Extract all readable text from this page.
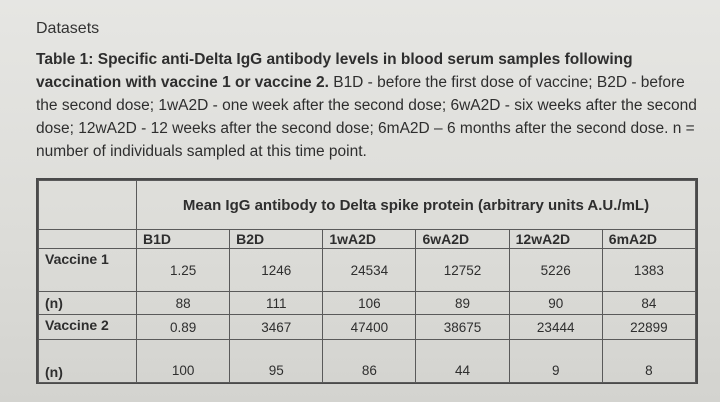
Datasets
Table 1: Specific anti-Delta IgG antibody levels in blood serum samples following vaccination with vaccine 1 or vaccine 2. B1D - before the first dose of vaccine; B2D - before the second dose; 1wA2D - one week after the second dose; 6wA2D - six weeks after the second dose; 12wA2D - 12 weeks after the second dose; 6mA2D – 6 months after the second dose. n = number of individuals sampled at this time point.
	Mean IgG antibody to Delta spike protein (arbitrary units A.U./mL)					
	B1D	B2D	1wA2D	6wA2D	12wA2D	6mA2D
Vaccine 1	1.25	1246	24534	12752	5226	1383
(n)	88	111	106	89	90	84
Vaccine 2	0.89	3467	47400	38675	23444	22899
(n)	100	95	86	44	9	8
